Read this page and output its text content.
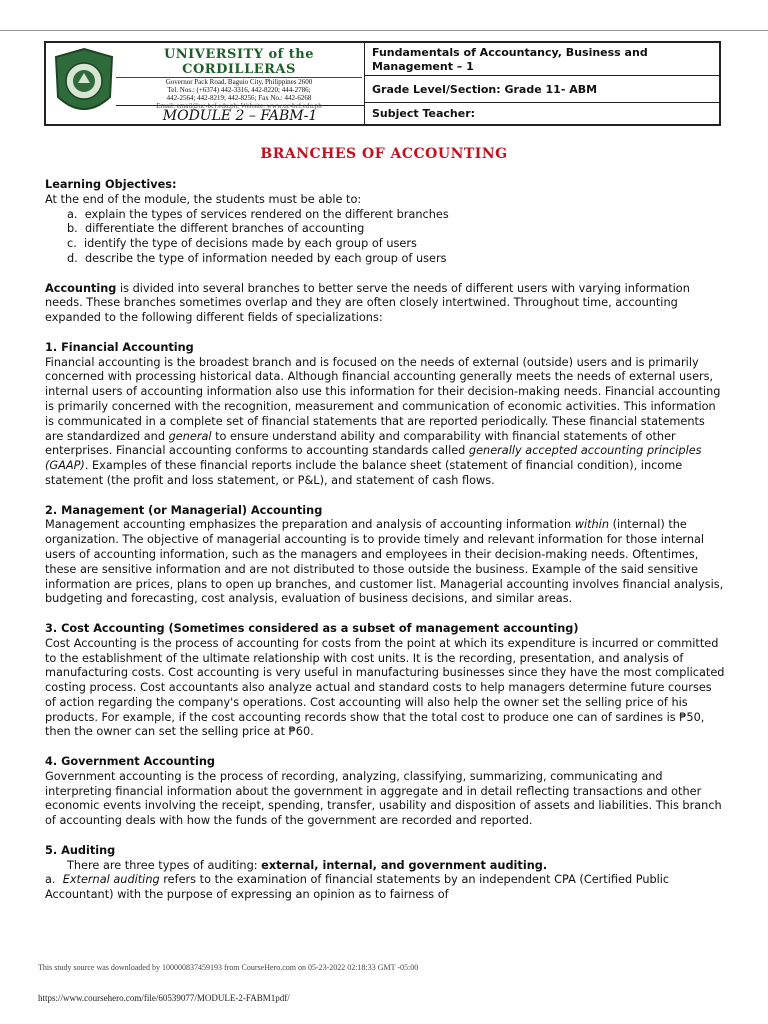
UNIVERSITY of the CORDILLERAS
Governor Pack Road, Baguio City, Philippines 2600
Tel. Nos.: (+6374) 442-3316, 442-8220; 444-2786;
442-2564; 442-8219; 442-8256; Fax No.: 442-6268
Email: email@uc-bcf.edu.ph; Website: www.uc-bcf.edu.ph
MODULE 2 – FABM-1
Fundamentals of Accountancy, Business and Management – 1
Grade Level/Section: Grade 11- ABM
Subject Teacher:
BRANCHES OF ACCOUNTING

Learning Objectives:

At the end of the module, the students must be able to:

a. explain the types of services rendered on the different branches

b. differentiate the different branches of accounting

c. identify the type of decisions made by each group of users

d. describe the type of information needed by each group of users

Accounting is divided into several branches to better serve the needs of different users with varying information needs. These branches sometimes overlap and they are often closely intertwined. Throughout time, accounting expanded to the following different fields of specializations:

1. Financial Accounting

Financial accounting is the broadest branch and is focused on the needs of external (outside) users and is primarily concerned with processing historical data. Although financial accounting generally meets the needs of external users, internal users of accounting information also use this information for their decision-making needs. Financial accounting is primarily concerned with the recognition, measurement and communication of economic activities. This information is communicated in a complete set of financial statements that are reported periodically. These financial statements are standardized and general to ensure understand ability and comparability with financial statements of other enterprises. Financial accounting conforms to accounting standards called generally accepted accounting principles (GAAP). Examples of these financial reports include the balance sheet (statement of financial condition), income statement (the profit and loss statement, or P&L), and statement of cash flows.

2. Management (or Managerial) Accounting

Management accounting emphasizes the preparation and analysis of accounting information within (internal) the organization. The objective of managerial accounting is to provide timely and relevant information for those internal users of accounting information, such as the managers and employees in their decision-making needs. Oftentimes, these are sensitive information and are not distributed to those outside the business. Example of the said sensitive information are prices, plans to open up branches, and customer list. Managerial accounting involves financial analysis, budgeting and forecasting, cost analysis, evaluation of business decisions, and similar areas.

3. Cost Accounting (Sometimes considered as a subset of management accounting)

Cost Accounting is the process of accounting for costs from the point at which its expenditure is incurred or committed to the establishment of the ultimate relationship with cost units. It is the recording, presentation, and analysis of manufacturing costs. Cost accounting is very useful in manufacturing businesses since they have the most complicated costing process. Cost accountants also analyze actual and standard costs to help managers determine future courses of action regarding the company's operations. Cost accounting will also help the owner set the selling price of his products. For example, if the cost accounting records show that the total cost to produce one can of sardines is ₱50, then the owner can set the selling price at ₱60.

4. Government Accounting

Government accounting is the process of recording, analyzing, classifying, summarizing, communicating and interpreting financial information about the government in aggregate and in detail reflecting transactions and other economic events involving the receipt, spending, transfer, usability and disposition of assets and liabilities. This branch of accounting deals with how the funds of the government are recorded and reported.

5. Auditing

There are three types of auditing: external, internal, and government auditing.

a. External auditing refers to the examination of financial statements by an independent CPA (Certified Public Accountant) with the purpose of expressing an opinion as to fairness of

This study source was downloaded by 100000837459193 from CourseHero.com on 05-23-2022 02:18:33 GMT -05:00
https://www.coursehero.com/file/60539077/MODULE-2-FABM1pdf/
